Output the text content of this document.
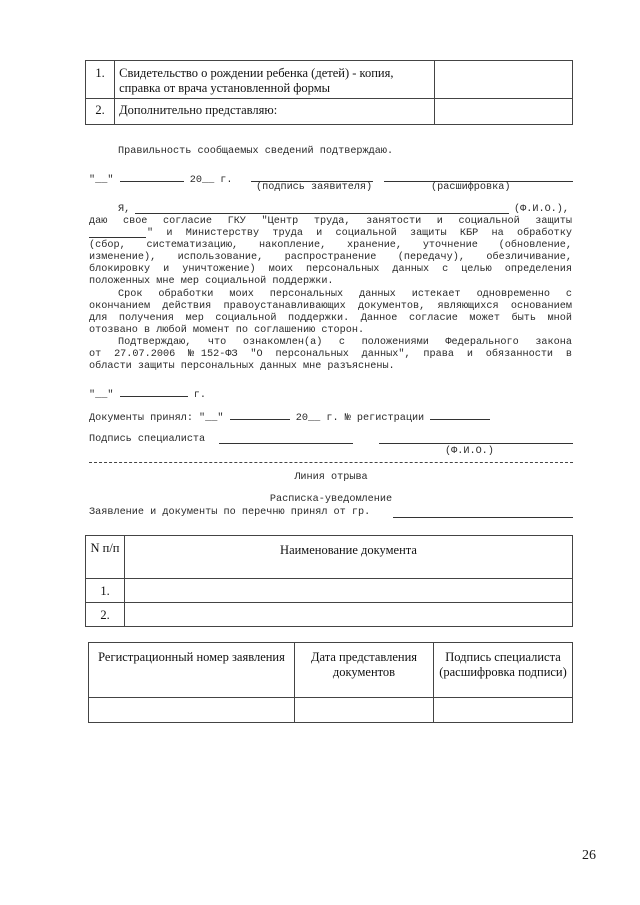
1.	Свидетельство о рождении ребенка (детей) - копия, справка от врача установленной формы	
2.	Дополнительно представляю:	
Правильность сообщаемых сведений подтверждаю.
"__"	20__ г.
(подпись заявителя)	(расшифровка)
Я,	(Ф.И.О.),
даю свое согласие ГКУ "Центр труда, занятости и социальной защиты
" и Министерству труда и социальной защиты КБР на обработку
(сбор, систематизацию, накопление, хранение, уточнение (обновление,
изменение), использование, распространение (передачу), обезличивание,
блокировку и уничтожение) моих персональных данных с целью определения
положенных мне мер социальной поддержки.
Срок обработки моих персональных данных истекает одновременно с
окончанием действия правоустанавливающих документов, являющихся основанием
для получения мер социальной поддержки. Данное согласие может быть мной
отозвано в любой момент по соглашению сторон.
Подтверждаю, что ознакомлен(а) с положениями Федерального закона
от 27.07.2006 №152-ФЗ "О персональных данных", права и обязанности в
области защиты персональных данных мне разъяснены.
"__"	г.
Документы принял: "__"	20__ г. № регистрации
Подпись специалиста
(Ф.И.О.)
Линия отрыва
Расписка-уведомление
Заявление и документы по перечню принял от гр.
N п/п	Наименование документа
1.	
2.	
Регистрационный номер заявления	Дата представления документов	Подпись специалиста (расшифровка подписи)

26
